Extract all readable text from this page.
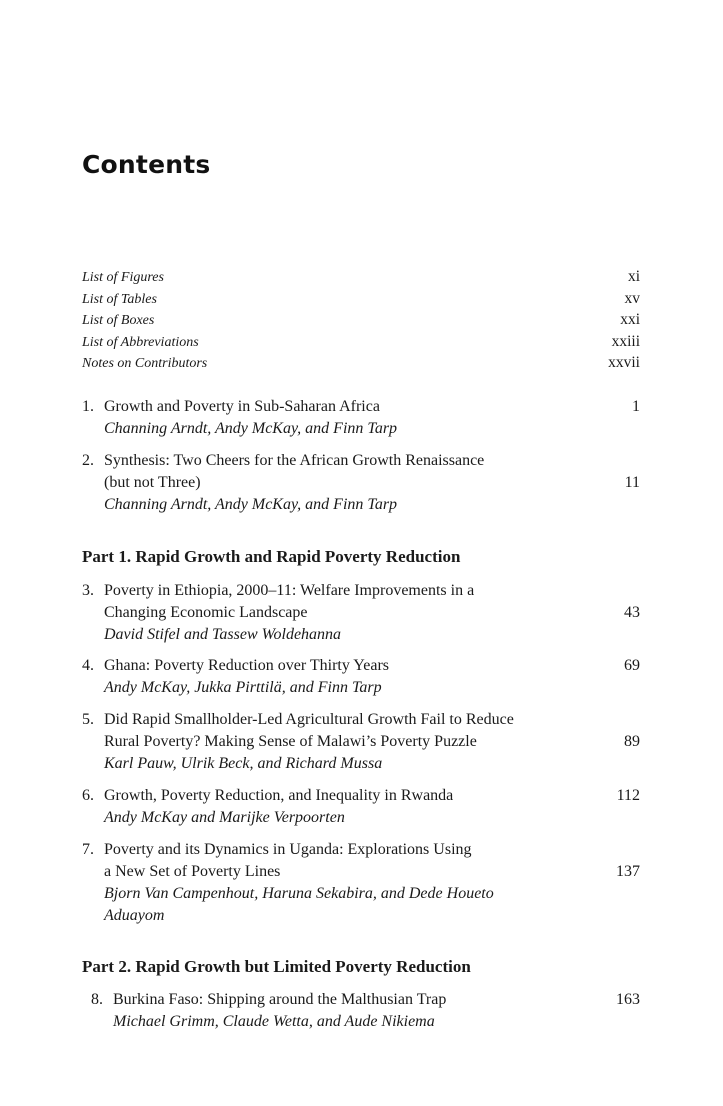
Contents
List of Figures	xi
List of Tables	xv
List of Boxes	xxi
List of Abbreviations	xxiii
Notes on Contributors	xxvii
1. Growth and Poverty in Sub-Saharan Africa	1
Channing Arndt, Andy McKay, and Finn Tarp
2. Synthesis: Two Cheers for the African Growth Renaissance
(but not Three)	11
Channing Arndt, Andy McKay, and Finn Tarp
Part 1. Rapid Growth and Rapid Poverty Reduction
3. Poverty in Ethiopia, 2000–11: Welfare Improvements in a
Changing Economic Landscape	43
David Stifel and Tassew Woldehanna
4. Ghana: Poverty Reduction over Thirty Years	69
Andy McKay, Jukka Pirttilä, and Finn Tarp
5. Did Rapid Smallholder-Led Agricultural Growth Fail to Reduce
Rural Poverty? Making Sense of Malawi’s Poverty Puzzle	89
Karl Pauw, Ulrik Beck, and Richard Mussa
6. Growth, Poverty Reduction, and Inequality in Rwanda	112
Andy McKay and Marijke Verpoorten
7. Poverty and its Dynamics in Uganda: Explorations Using
a New Set of Poverty Lines	137
Bjorn Van Campenhout, Haruna Sekabira, and Dede Houeto
Aduayom
Part 2. Rapid Growth but Limited Poverty Reduction
8. Burkina Faso: Shipping around the Malthusian Trap	163
Michael Grimm, Claude Wetta, and Aude Nikiema
